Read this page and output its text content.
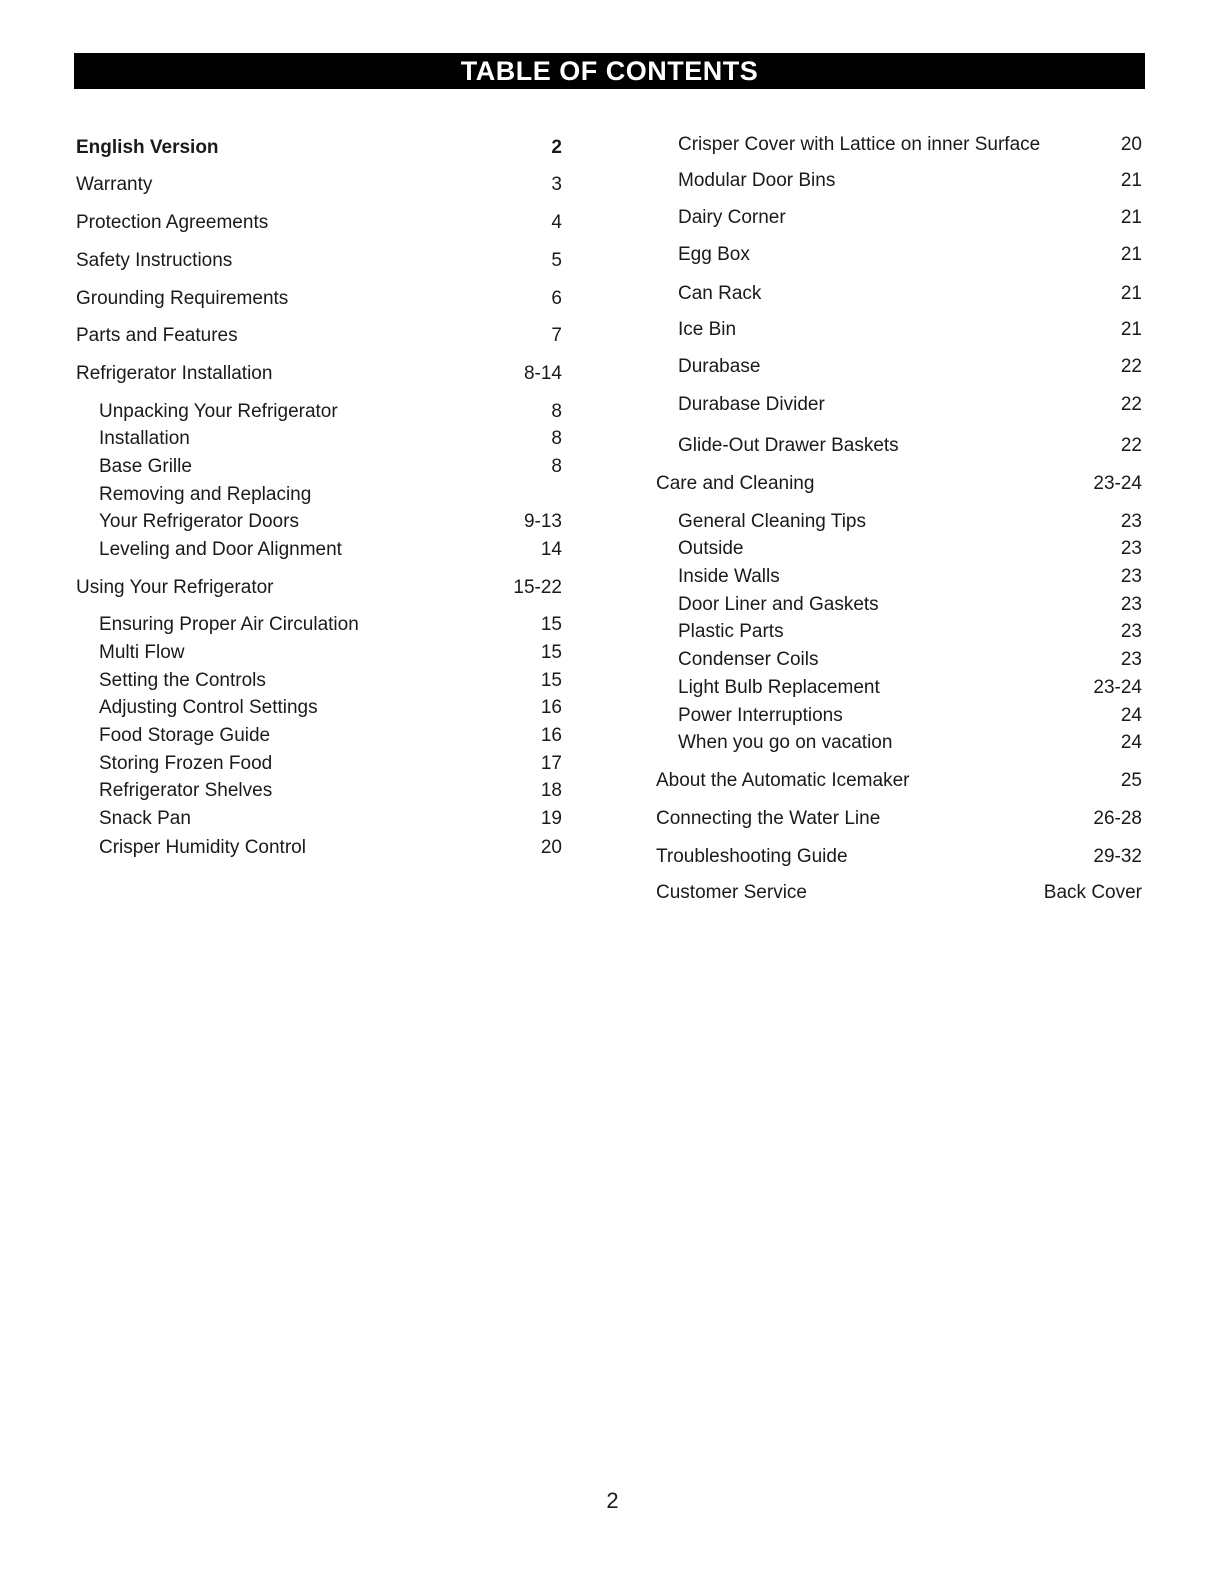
TABLE OF CONTENTS
English Version	2
Warranty	3
Protection Agreements	4
Safety Instructions	5
Grounding Requirements	6
Parts and Features	7
Refrigerator Installation	8-14
Unpacking Your Refrigerator	8
Installation	8
Base Grille	8
Removing and Replacing
Your Refrigerator Doors	9-13
Leveling and Door Alignment	14
Using Your Refrigerator	15-22
Ensuring Proper Air Circulation	15
Multi Flow	15
Setting the Controls	15
Adjusting Control Settings	16
Food Storage Guide	16
Storing Frozen Food	17
Refrigerator Shelves	18
Snack Pan	19
Crisper Humidity Control	20
Crisper Cover with Lattice on inner Surface	20
Modular Door Bins	21
Dairy Corner	21
Egg Box	21
Can Rack	21
Ice Bin	21
Durabase	22
Durabase Divider	22
Glide-Out Drawer Baskets	22
Care and Cleaning	23-24
General Cleaning Tips	23
Outside	23
Inside Walls	23
Door Liner and Gaskets	23
Plastic Parts	23
Condenser Coils	23
Light Bulb Replacement	23-24
Power Interruptions	24
When you go on vacation	24
About the Automatic Icemaker	25
Connecting the Water Line	26-28
Troubleshooting Guide	29-32
Customer Service	Back Cover
2
